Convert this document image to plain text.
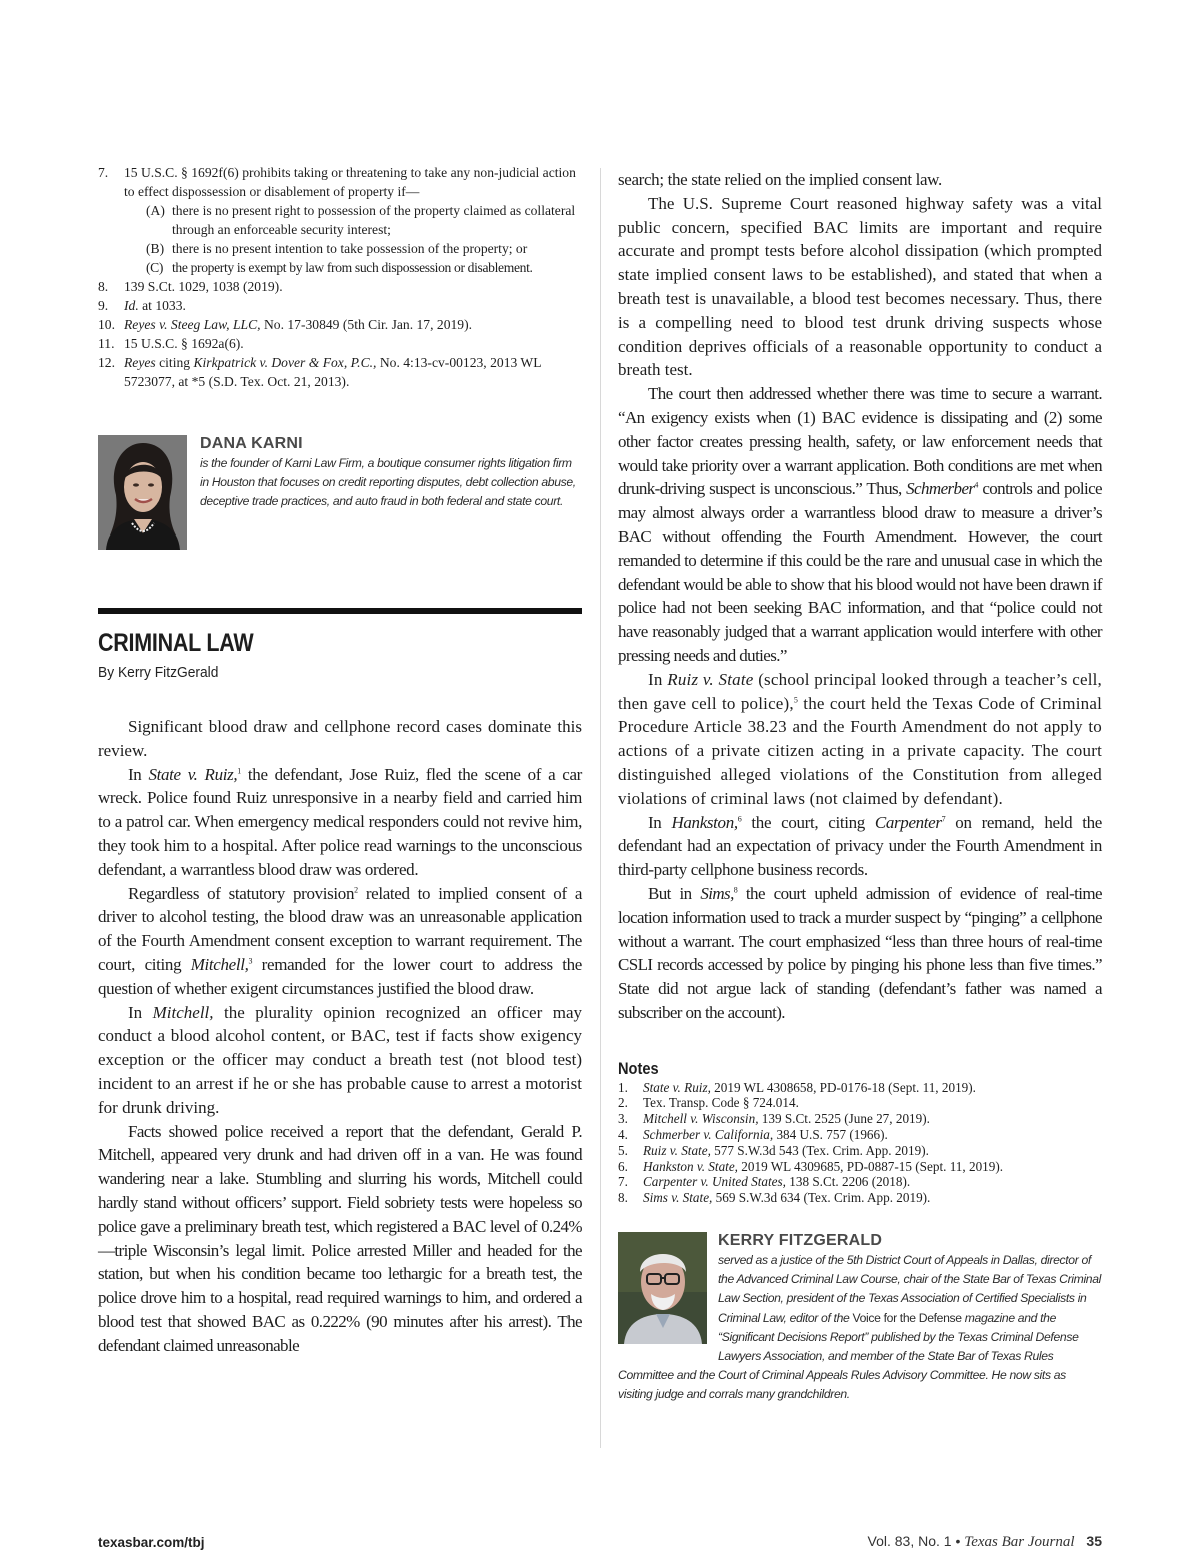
7. 15 U.S.C. § 1692f(6) prohibits taking or threatening to take any non-judicial action to effect dispossession or disablement of property if—
(A) there is no present right to possession of the property claimed as collateral through an enforceable security interest;
(B) there is no present intention to take possession of the property; or
(C) the property is exempt by law from such dispossession or disablement.
8. 139 S.Ct. 1029, 1038 (2019).
9. Id. at 1033.
10. Reyes v. Steeg Law, LLC, No. 17-30849 (5th Cir. Jan. 17, 2019).
11. 15 U.S.C. § 1692a(6).
12. Reyes citing Kirkpatrick v. Dover & Fox, P.C., No. 4:13-cv-00123, 2013 WL 5723077, at *5 (S.D. Tex. Oct. 21, 2013).
DANA KARNI
is the founder of Karni Law Firm, a boutique consumer rights litigation firm in Houston that focuses on credit reporting disputes, debt collection abuse, deceptive trade practices, and auto fraud in both federal and state court.
CRIMINAL LAW
By Kerry FitzGerald

Significant blood draw and cellphone record cases dominate this review.

In State v. Ruiz,$^1$ the defendant, Jose Ruiz, fled the scene of a car wreck. Police found Ruiz unresponsive in a nearby field and carried him to a patrol car. When emergency medical responders could not revive him, they took him to a hospital. After police read warnings to the unconscious defendant, a warrantless blood draw was ordered.

Regardless of statutory provision$^2$ related to implied consent of a driver to alcohol testing, the blood draw was an unreasonable application of the Fourth Amendment consent exception to warrant requirement. The court, citing Mitchell,$^3$ remanded for the lower court to address the question of whether exigent circumstances justified the blood draw.

In Mitchell, the plurality opinion recognized an officer may conduct a blood alcohol content, or BAC, test if facts show exigency exception or the officer may conduct a breath test (not blood test) incident to an arrest if he or she has probable cause to arrest a motorist for drunk driving.

Facts showed police received a report that the defendant, Gerald P. Mitchell, appeared very drunk and had driven off in a van. He was found wandering near a lake. Stumbling and slurring his words, Mitchell could hardly stand without officers’ support. Field sobriety tests were hopeless so police gave a preliminary breath test, which registered a BAC level of 0.24%—triple Wisconsin’s legal limit. Police arrested Miller and headed for the station, but when his condition became too lethargic for a breath test, the police drove him to a hospital, read required warnings to him, and ordered a blood test that showed BAC as 0.222% (90 minutes after his arrest). The defendant claimed unreasonable

search; the state relied on the implied consent law.

The U.S. Supreme Court reasoned highway safety was a vital public concern, specified BAC limits are important and require accurate and prompt tests before alcohol dissipation (which prompted state implied consent laws to be established), and stated that when a breath test is unavailable, a blood test becomes necessary. Thus, there is a compelling need to blood test drunk driving suspects whose condition deprives officials of a reasonable opportunity to conduct a breath test.

The court then addressed whether there was time to secure a warrant. “An exigency exists when (1) BAC evidence is dissipating and (2) some other factor creates pressing health, safety, or law enforcement needs that would take priority over a warrant application. Both conditions are met when drunk-driving suspect is unconscious.” Thus, Schmerber$^4$ controls and police may almost always order a warrantless blood draw to measure a driver’s BAC without offending the Fourth Amendment. However, the court remanded to determine if this could be the rare and unusual case in which the defendant would be able to show that his blood would not have been drawn if police had not been seeking BAC information, and that “police could not have reasonably judged that a warrant application would interfere with other pressing needs and duties.”

In Ruiz v. State (school principal looked through a teacher’s cell, then gave cell to police),$^5$ the court held the Texas Code of Criminal Procedure Article 38.23 and the Fourth Amendment do not apply to actions of a private citizen acting in a private capacity. The court distinguished alleged violations of the Constitution from alleged violations of criminal laws (not claimed by defendant).

In Hankston,$^6$ the court, citing Carpenter$^7$ on remand, held the defendant had an expectation of privacy under the Fourth Amendment in third-party cellphone business records.

But in Sims,$^8$ the court upheld admission of evidence of real-time location information used to track a murder suspect by “pinging” a cellphone without a warrant. The court emphasized “less than three hours of real-time CSLI records accessed by police by pinging his phone less than five times.” State did not argue lack of standing (defendant’s father was named a subscriber on the account).

Notes
1. State v. Ruiz, 2019 WL 4308658, PD-0176-18 (Sept. 11, 2019).
2. Tex. Transp. Code § 724.014.
3. Mitchell v. Wisconsin, 139 S.Ct. 2525 (June 27, 2019).
4. Schmerber v. California, 384 U.S. 757 (1966).
5. Ruiz v. State, 577 S.W.3d 543 (Tex. Crim. App. 2019).
6. Hankston v. State, 2019 WL 4309685, PD-0887-15 (Sept. 11, 2019).
7. Carpenter v. United States, 138 S.Ct. 2206 (2018).
8. Sims v. State, 569 S.W.3d 634 (Tex. Crim. App. 2019).
KERRY FITZGERALD
served as a justice of the 5th District Court of Appeals in Dallas, director of the Advanced Criminal Law Course, chair of the State Bar of Texas Criminal Law Section, president of the Texas Association of Certified Specialists in Criminal Law, editor of the Voice for the Defense magazine and the “Significant Decisions Report” published by the Texas Criminal Defense Lawyers Association, and member of the State Bar of Texas Rules Committee and the Court of Criminal Appeals Rules Advisory Committee. He now sits as visiting judge and corrals many grandchildren.
texasbar.com/tbj	Vol. 83, No. 1 • Texas Bar Journal 35
